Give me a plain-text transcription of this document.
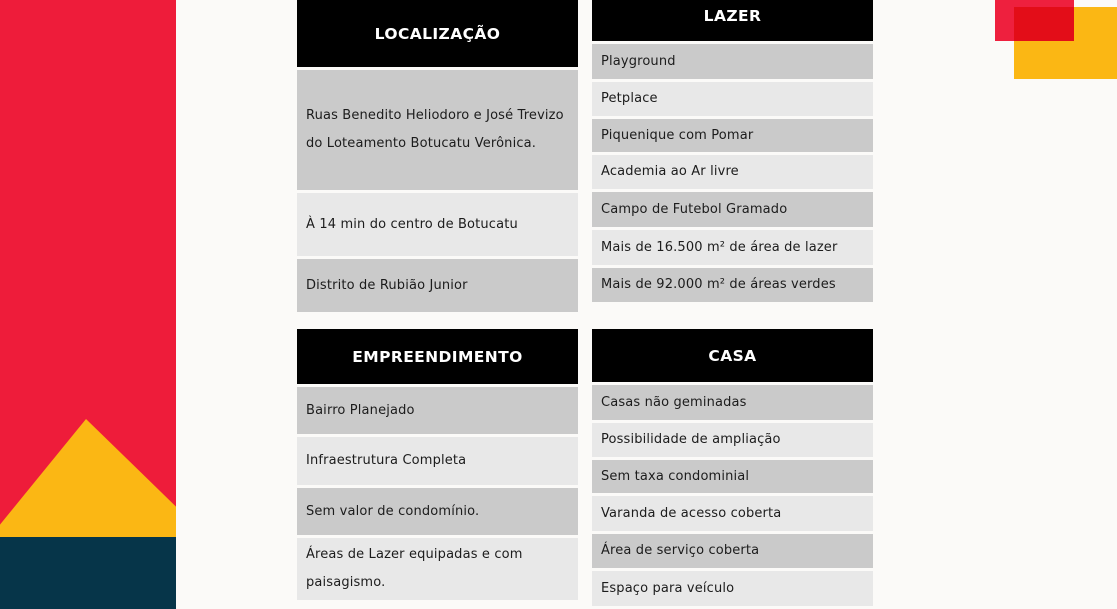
LOCALIZAÇÃO
Ruas Benedito Heliodoro e José Trevizo do Loteamento Botucatu Verônica.
À 14 min do centro de Botucatu
Distrito de Rubião Junior
LAZER
Playground
Petplace
Piquenique com Pomar
Academia ao Ar livre
Campo de Futebol Gramado
Mais de 16.500 m² de área de lazer
Mais de 92.000 m² de áreas verdes
EMPREENDIMENTO
Bairro Planejado
Infraestrutura Completa
Sem valor de condomínio.
Áreas de Lazer equipadas e com paisagismo.
CASA
Casas não geminadas
Possibilidade de ampliação
Sem taxa condominial
Varanda de acesso coberta
Área de serviço coberta
Espaço para veículo
